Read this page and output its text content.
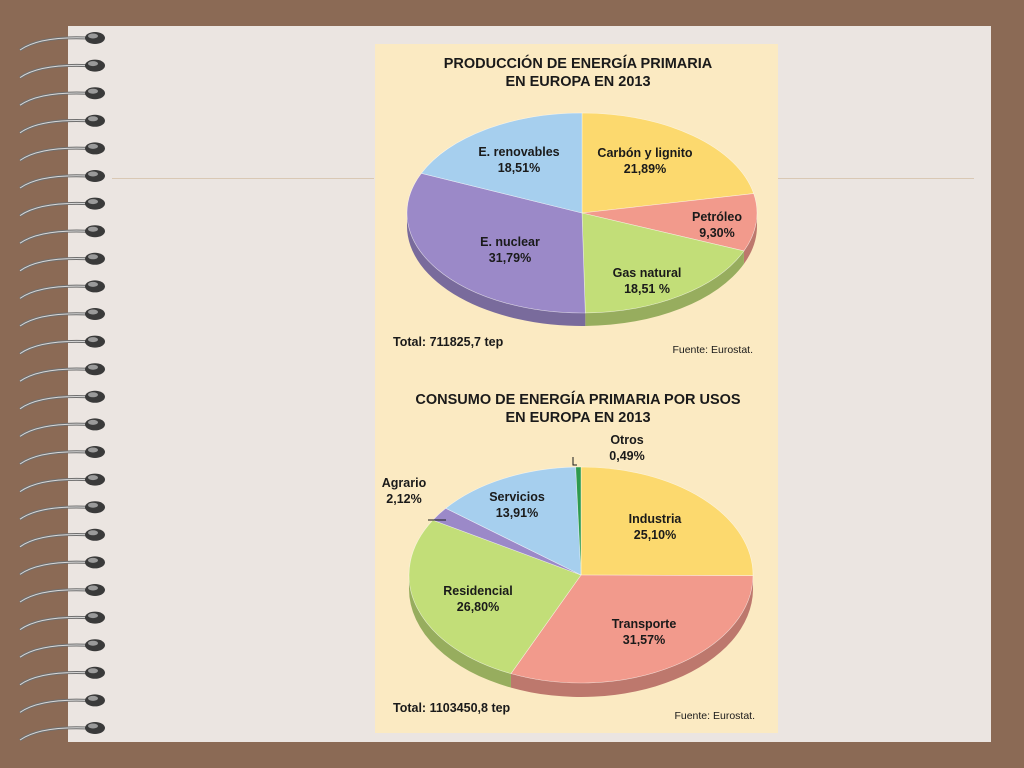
PRODUCCIÓN DE ENERGÍA PRIMARIA
EN EUROPA EN 2013
Carbón y lignito
21,89%
Petróleo
9,30%
Gas natural
18,51 %
E. nuclear
31,79%
E. renovables
18,51%
Total: 711825,7 tep
Fuente: Eurostat.
CONSUMO DE ENERGÍA PRIMARIA POR USOS
EN EUROPA EN 2013
Industria
25,10%
Transporte
31,57%
Residencial
26,80%
Agrario
2,12%	Servicios
13,91%
Otros
0,49%
Total: 1103450,8 tep
Fuente: Eurostat.
